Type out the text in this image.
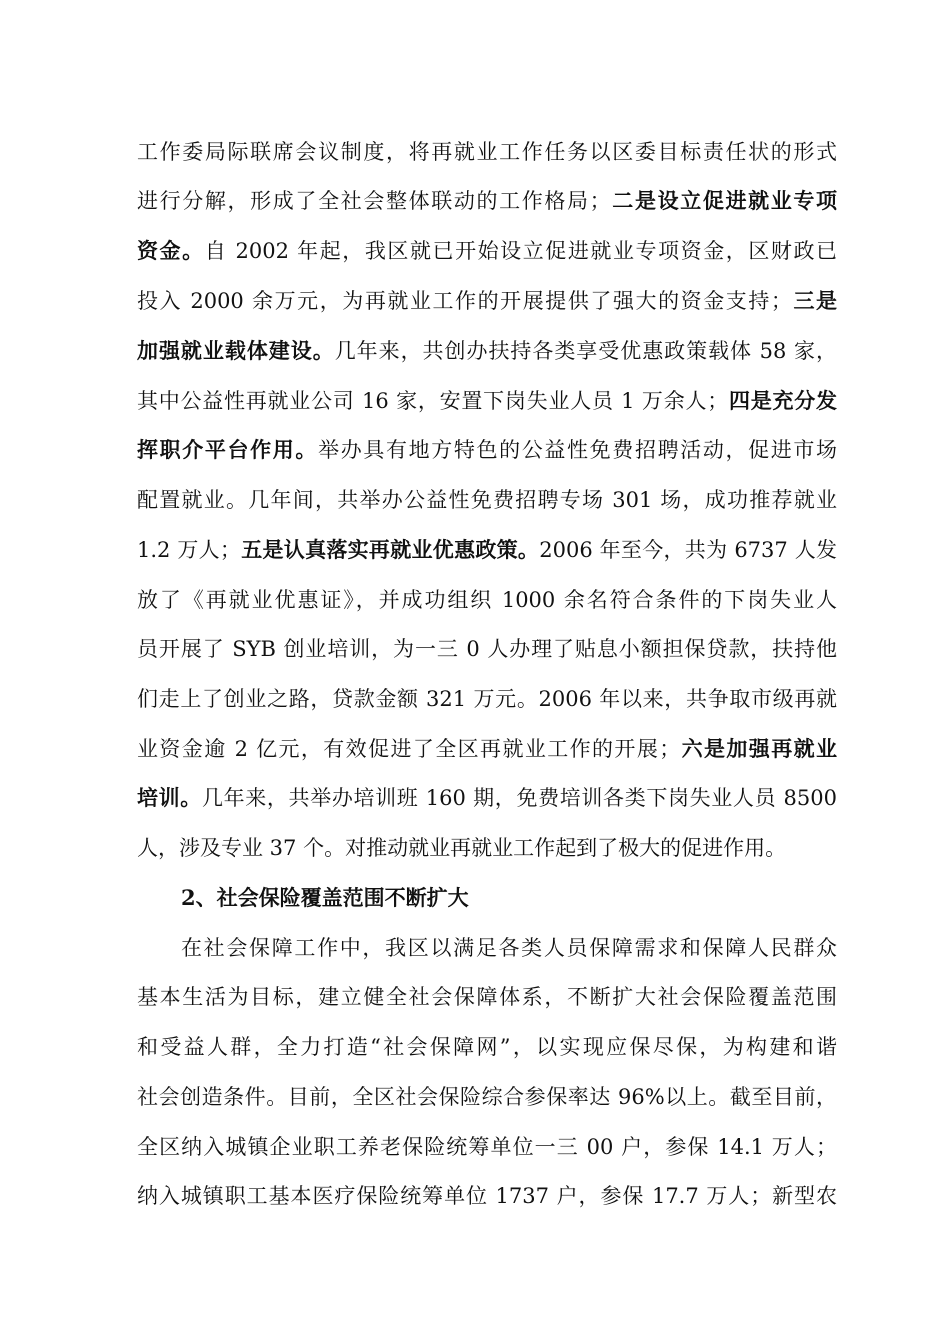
工作委局际联席会议制度，将再就业工作任务以区委目标责任状的形式
进行分解，形成了全社会整体联动的工作格局；二是设立促进就业专项
资金。自 2002 年起，我区就已开始设立促进就业专项资金，区财政已
投入 2000 余万元，为再就业工作的开展提供了强大的资金支持；三是
加强就业载体建设。几年来，共创办扶持各类享受优惠政策载体 58 家，
其中公益性再就业公司 16 家，安置下岗失业人员 1 万余人；四是充分发
挥职介平台作用。举办具有地方特色的公益性免费招聘活动，促进市场
配置就业。几年间，共举办公益性免费招聘专场 301 场，成功推荐就业
1.2 万人；五是认真落实再就业优惠政策。2006 年至今，共为 6737 人发
放了《再就业优惠证》，并成功组织 1000 余名符合条件的下岗失业人
员开展了 SYB 创业培训，为一三 0 人办理了贴息小额担保贷款，扶持他
们走上了创业之路，贷款金额 321 万元。2006 年以来，共争取市级再就
业资金逾 2 亿元，有效促进了全区再就业工作的开展；六是加强再就业
培训。几年来，共举办培训班 160 期，免费培训各类下岗失业人员 8500
人，涉及专业 37 个。对推动就业再就业工作起到了极大的促进作用。
2、社会保险覆盖范围不断扩大
在社会保障工作中，我区以满足各类人员保障需求和保障人民群众
基本生活为目标，建立健全社会保障体系，不断扩大社会保险覆盖范围
和受益人群，全力打造“社会保障网”，以实现应保尽保，为构建和谐
社会创造条件。目前，全区社会保险综合参保率达 96%以上。截至目前，
全区纳入城镇企业职工养老保险统筹单位一三 00 户，参保 14.1 万人；
纳入城镇职工基本医疗保险统筹单位 1737 户，参保 17.7 万人；新型农
